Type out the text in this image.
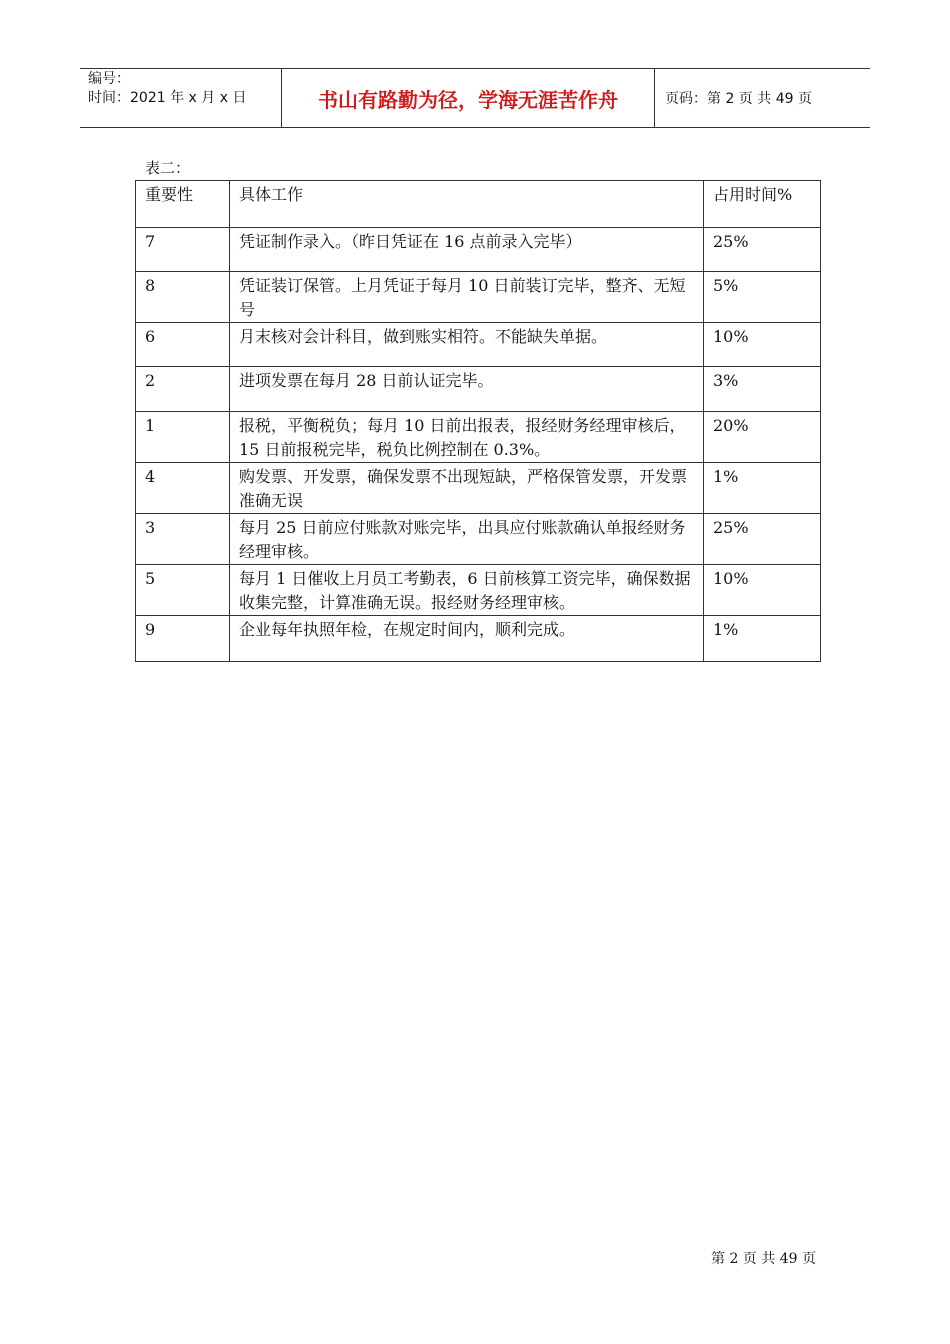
编号：
时间：2021 年 x 月 x 日	书山有路勤为径，学海无涯苦作舟	页码：第 2 页 共 49 页
表二：
重要性	具体工作	占用时间%
7	凭证制作录入。（昨日凭证在 16 点前录入完毕）	25%
8	凭证装订保管。上月凭证于每月 10 日前装订完毕，整齐、无短号	5%
6	月末核对会计科目，做到账实相符。不能缺失单据。	10%
2	进项发票在每月 28 日前认证完毕。	3%
1	报税，平衡税负；每月 10 日前出报表，报经财务经理审核后，15 日前报税完毕，税负比例控制在 0.3%。	20%
4	购发票、开发票，确保发票不出现短缺，严格保管发票，开发票准确无误	1%
3	每月 25 日前应付账款对账完毕，出具应付账款确认单报经财务经理审核。	25%
5	每月 1 日催收上月员工考勤表，6 日前核算工资完毕，确保数据收集完整，计算准确无误。报经财务经理审核。	10%
9	企业每年执照年检，在规定时间内，顺利完成。	1%
第 2 页 共 49 页
